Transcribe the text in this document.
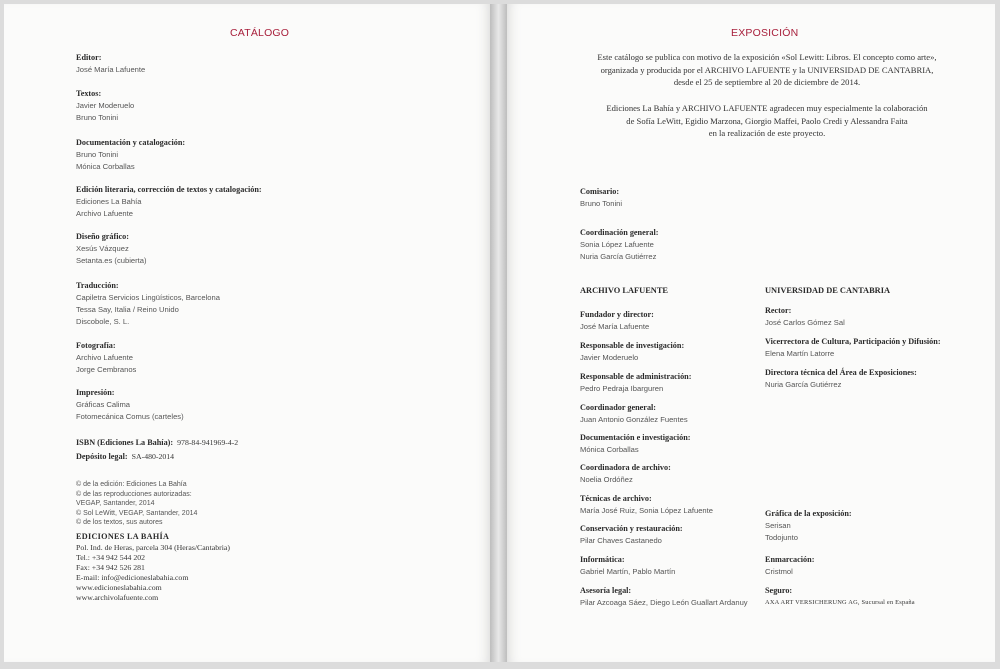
CATÁLOGO
Editor:
José María Lafuente
Textos:
Javier Moderuelo
Bruno Tonini
Documentación y catalogación:
Bruno Tonini
Mónica Corballas
Edición literaria, corrección de textos y catalogación:
Ediciones La Bahía
Archivo Lafuente
Diseño gráfico:
Xesús Vázquez
Setanta.es (cubierta)
Traducción:
Capiletra Servicios Lingüísticos, Barcelona
Tessa Say, Italia / Reino Unido
Discobole, S. L.
Fotografía:
Archivo Lafuente
Jorge Cembranos
Impresión:
Gráficas Calima
Fotomecánica Comus (carteles)
ISBN (Ediciones La Bahía): 978-84-941969-4-2
Depósito legal: SA-480-2014
© de la edición: Ediciones La Bahía
© de las reproducciones autorizadas:
VEGAP, Santander, 2014
© Sol LeWitt, VEGAP, Santander, 2014
© de los textos, sus autores
EDICIONES LA BAHÍA
Pol. Ind. de Heras, parcela 304 (Heras/Cantabria)
Tel.: +34 942 544 202
Fax: +34 942 526 281
E-mail: info@edicioneslabahia.com
www.edicioneslabahia.com
www.archivolafuente.com
EXPOSICIÓN
Este catálogo se publica con motivo de la exposición «Sol Lewitt: Libros. El concepto como arte»,
organizada y producida por el ARCHIVO LAFUENTE y la UNIVERSIDAD DE CANTABRIA,
desde el 25 de septiembre al 20 de diciembre de 2014.
Ediciones La Bahía y ARCHIVO LAFUENTE agradecen muy especialmente la colaboración
de Sofía LeWitt, Egidio Marzona, Giorgio Maffei, Paolo Credi y Alessandra Faita
en la realización de este proyecto.
Comisario:
Bruno Tonini
Coordinación general:
Sonia López Lafuente
Nuria García Gutiérrez
ARCHIVO LAFUENTE	UNIVERSIDAD DE CANTABRIA
Fundador y director:
José María Lafuente
Responsable de investigación:
Javier Moderuelo
Responsable de administración:
Pedro Pedraja Ibarguren
Coordinador general:
Juan Antonio González Fuentes
Documentación e investigación:
Mónica Corballas
Coordinadora de archivo:
Noelia Ordóñez
Técnicas de archivo:
María José Ruiz, Sonia López Lafuente
Conservación y restauración:
Pilar Chaves Castanedo
Informática:
Gabriel Martín, Pablo Martín
Asesoría legal:
Pilar Azcoaga Sáez, Diego León Guallart Ardanuy
Rector:
José Carlos Gómez Sal
Vicerrectora de Cultura, Participación y Difusión:
Elena Martín Latorre
Directora técnica del Área de Exposiciones:
Nuria García Gutiérrez
Gráfica de la exposición:
Serisan
Todojunto
Enmarcación:
Cristmol
Seguro:
AXA ART VERSICHERUNG AG, Sucursal en España
